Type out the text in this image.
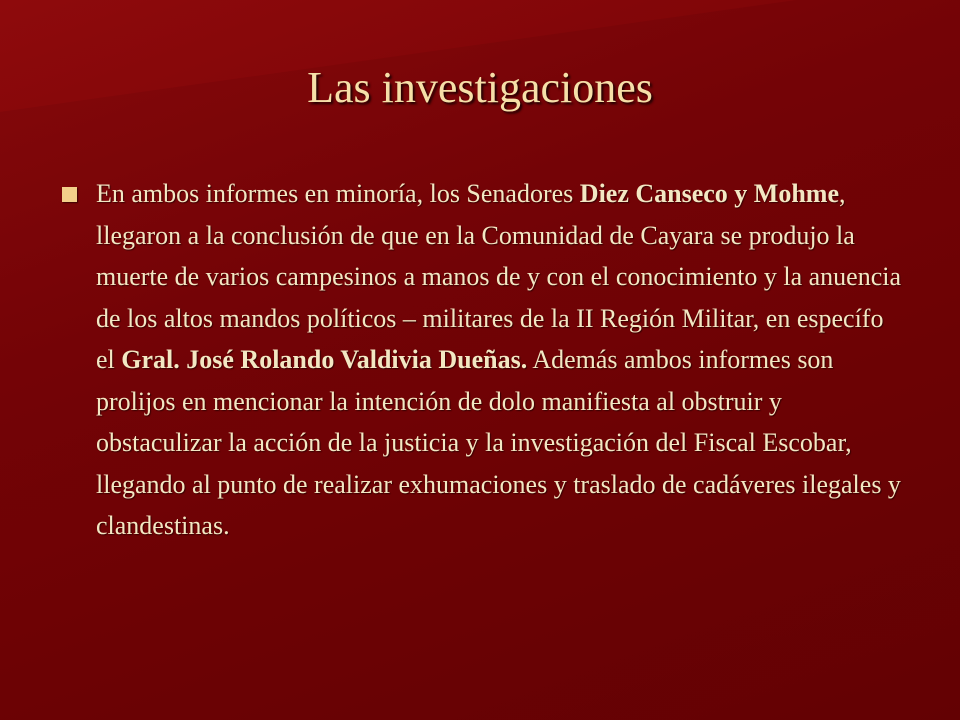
Las investigaciones
En ambos informes en minoría, los Senadores Diez Canseco y Mohme, llegaron a la conclusión de que en la Comunidad de Cayara se produjo la muerte de varios campesinos a manos de y con el conocimiento y la anuencia de los altos mandos políticos – militares de la II Región Militar, en específo el Gral. José Rolando Valdivia Dueñas. Además ambos informes son prolijos en mencionar la intención de dolo manifiesta al obstruir y obstaculizar la acción de la justicia y la investigación del Fiscal Escobar, llegando al punto de realizar exhumaciones y traslado de cadáveres ilegales y clandestinas.
